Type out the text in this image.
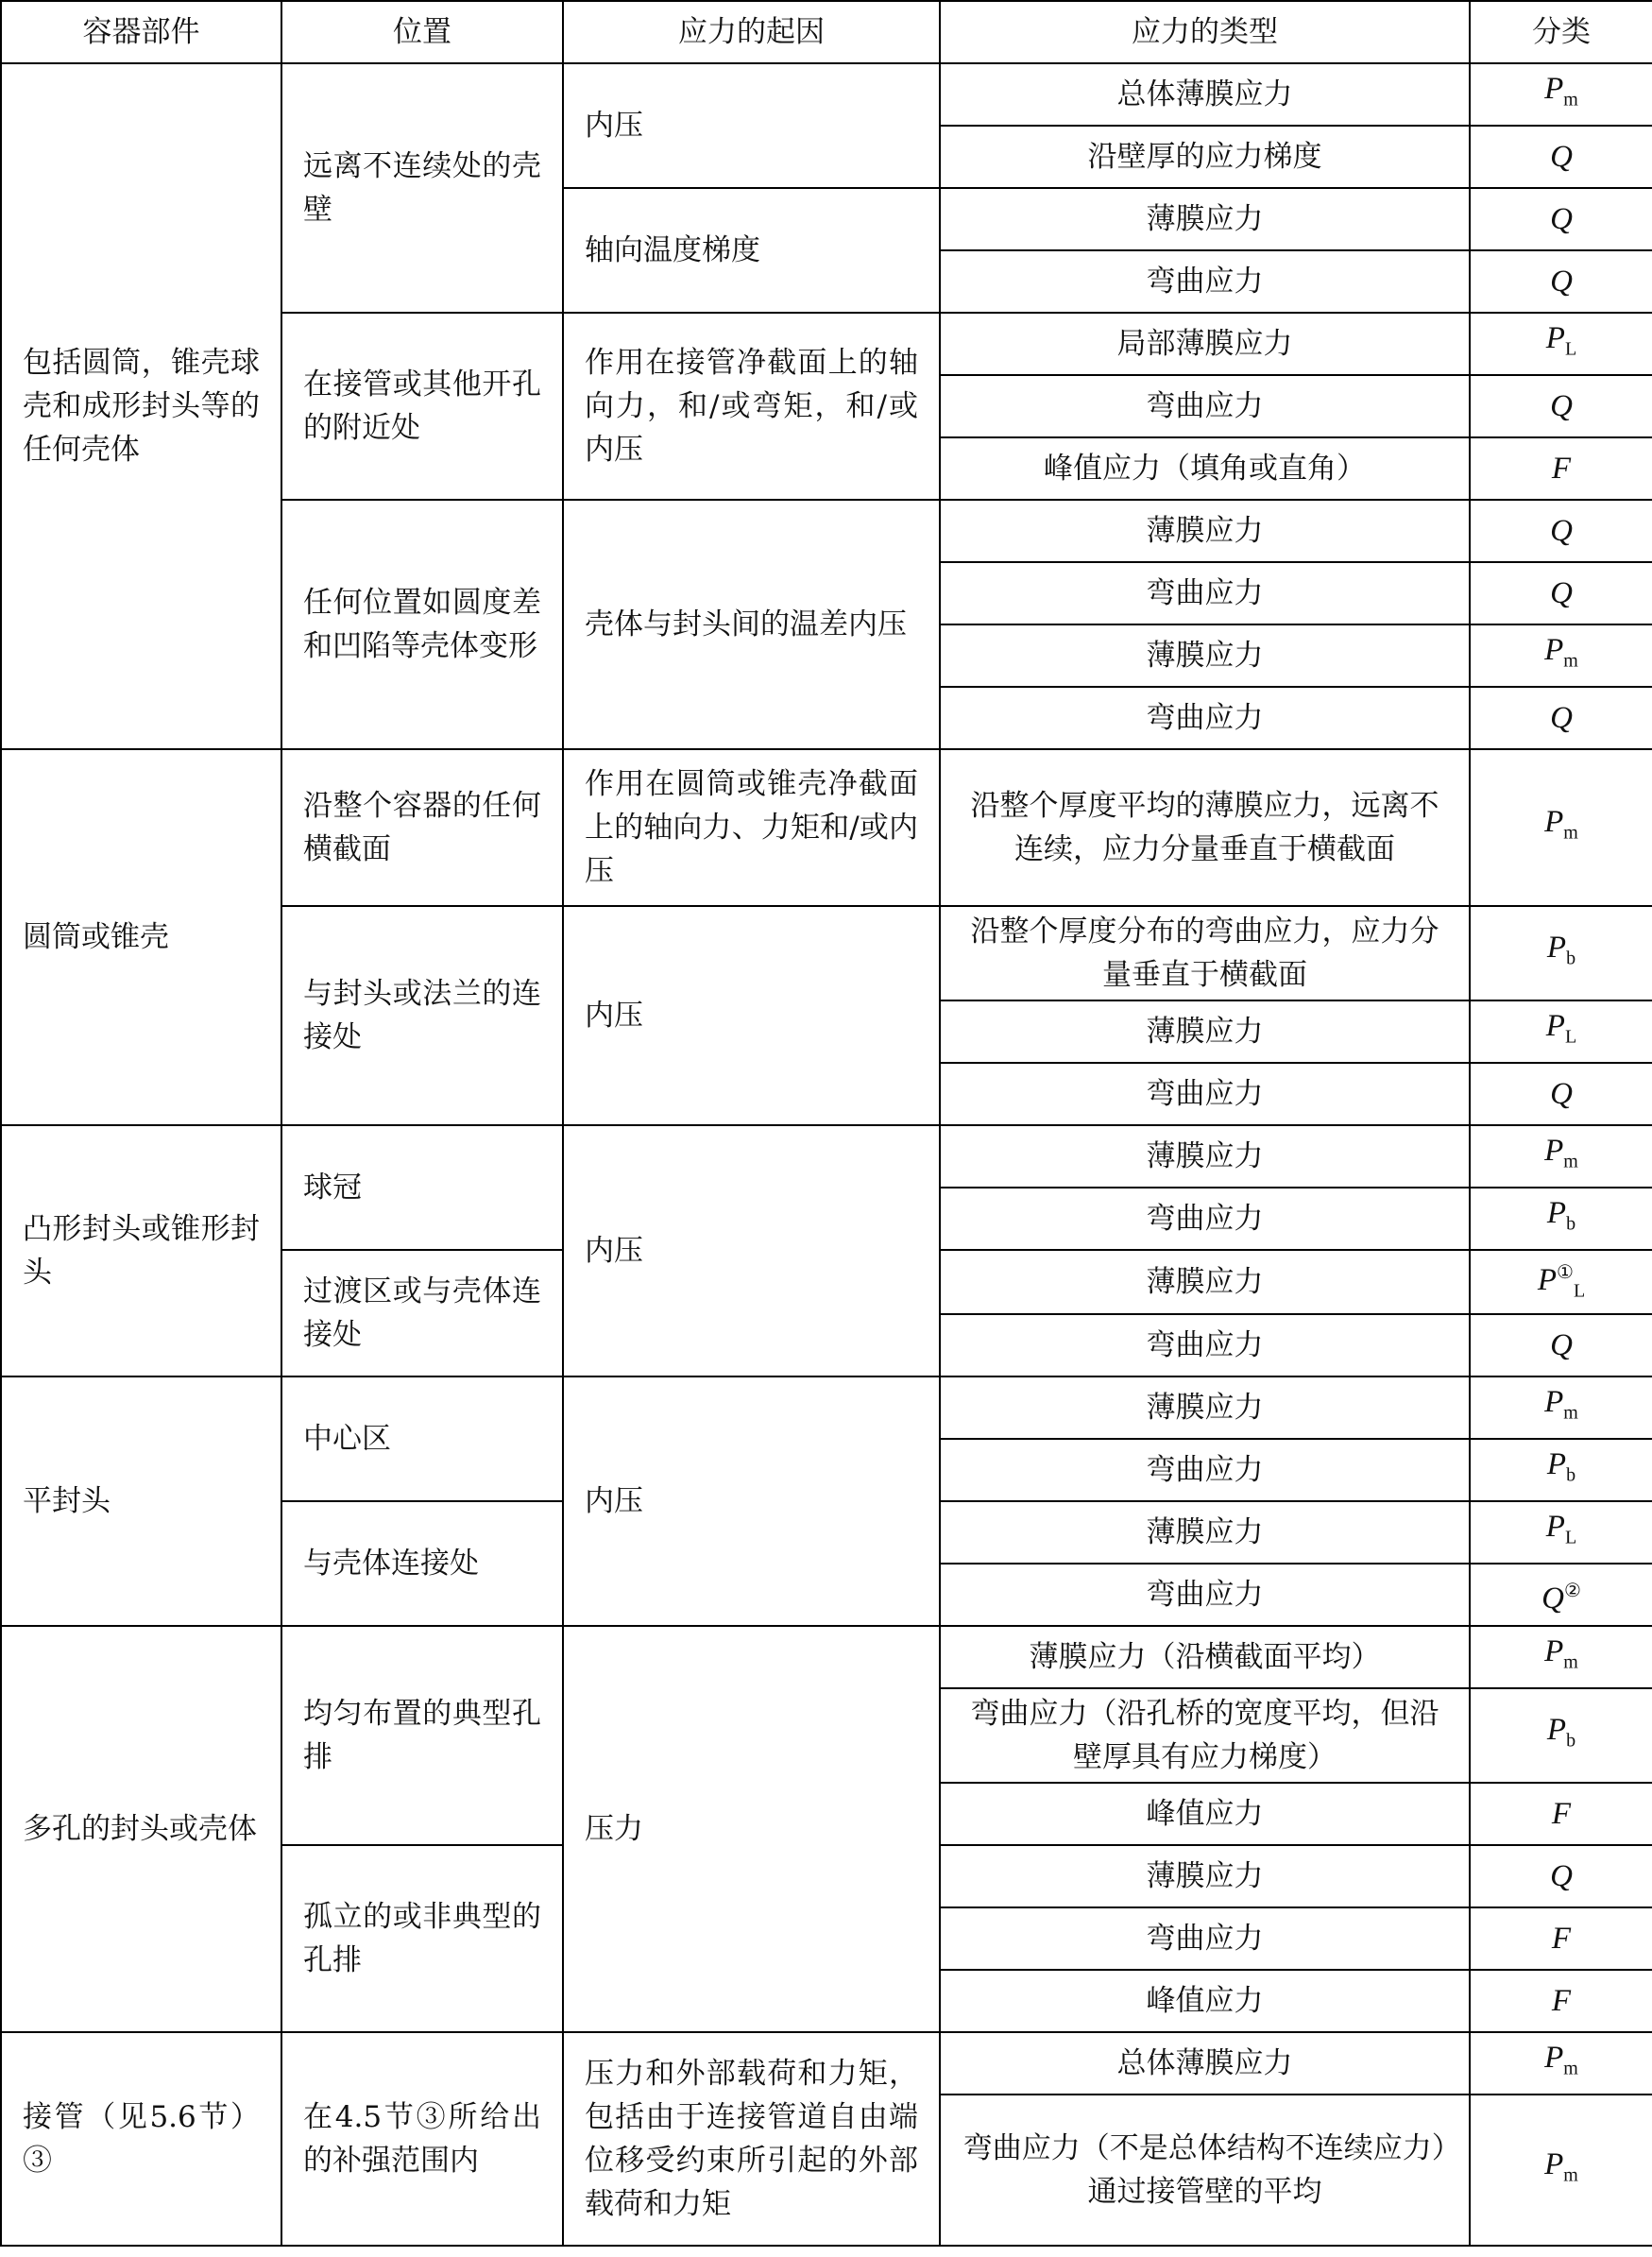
容器部件	位置	应力的起因	应力的类型	分类
包括圆筒，锥壳球壳和成形封头等的任何壳体	远离不连续处的壳壁	内压	总体薄膜应力	$P_m$
			沿壁厚的应力梯度	Q
		轴向温度梯度	薄膜应力	Q
			弯曲应力	Q
	在接管或其他开孔的附近处	作用在接管净截面上的轴向力，和/或弯矩，和/或内压	局部薄膜应力	$P_L$
			弯曲应力	Q
			峰值应力（填角或直角）	F
	任何位置如圆度差和凹陷等壳体变形	壳体与封头间的温差内压	薄膜应力	Q
			弯曲应力	Q
			薄膜应力	$P_m$
			弯曲应力	Q
圆筒或锥壳	沿整个容器的任何横截面	作用在圆筒或锥壳净截面上的轴向力、力矩和/或内压	沿整个厚度平均的薄膜应力，远离不连续，应力分量垂直于横截面	$P_m$
	与封头或法兰的连接处	内压	沿整个厚度分布的弯曲应力，应力分量垂直于横截面	$P_b$
			薄膜应力	$P_L$
			弯曲应力	Q
凸形封头或锥形封头	球冠	内压	薄膜应力	$P_m$
			弯曲应力	$P_b$
	过渡区或与壳体连接处		薄膜应力	$P^①_L$
			弯曲应力	Q
平封头	中心区	内压	薄膜应力	$P_m$
			弯曲应力	$P_b$
	与壳体连接处		薄膜应力	$P_L$
			弯曲应力	Q②
多孔的封头或壳体	均匀布置的典型孔排	压力	薄膜应力（沿横截面平均）	$P_m$
			弯曲应力（沿孔桥的宽度平均，但沿壁厚具有应力梯度）	$P_b$
			峰值应力	F
	孤立的或非典型的孔排		薄膜应力	Q
			弯曲应力	F
			峰值应力	F
接管（见5.6节）③	在4.5节③所给出的补强范围内	压力和外部载荷和力矩，包括由于连接管道自由端位移受约束所引起的外部载荷和力矩	总体薄膜应力	$P_m$
			弯曲应力（不是总体结构不连续应力）通过接管壁的平均	$P_m$
